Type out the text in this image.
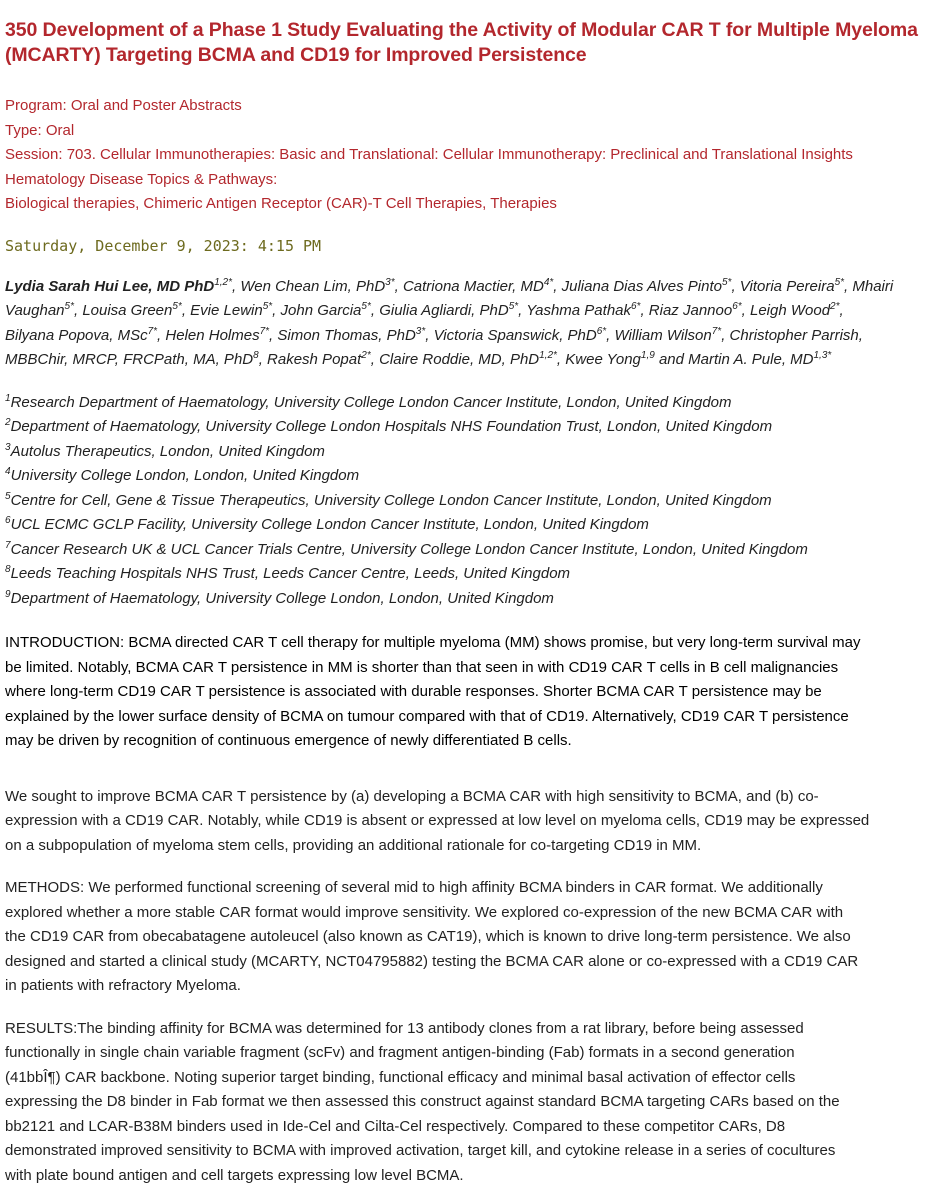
350 Development of a Phase 1 Study Evaluating the Activity of Modular CAR T for Multiple Myeloma (MCARTY) Targeting BCMA and CD19 for Improved Persistence
Program: Oral and Poster Abstracts
Type: Oral
Session: 703. Cellular Immunotherapies: Basic and Translational: Cellular Immunotherapy: Preclinical and Translational Insights
Hematology Disease Topics & Pathways:
Biological therapies, Chimeric Antigen Receptor (CAR)-T Cell Therapies, Therapies
Saturday, December 9, 2023: 4:15 PM
Lydia Sarah Hui Lee, MD PhD$^{1,2*}$, Wen Chean Lim, PhD$^{3*}$, Catriona Mactier, $MD^{4*}$, Juliana Dias Alves Pinto$^{5*}$, Vitoria Pereira$^{5*}$, Mhairi
Vaughan$^{5*}$, Louisa Green$^{5*}$, Evie Lewin$^{5*}$, John Garcia$^{5*}$, Giulia Agliardi, PhD$^{5*}$, Yashma Pathak$^{6*}$, Riaz Jannoo$^{6*}$, Leigh Wood$^{2*}$,
Bilyana Popova, MSc$^{7*}$, Helen Holmes$^{7*}$, Simon Thomas, PhD$^{3*}$, Victoria Spanswick, PhD$^{6*}$, William Wilson$^{7*}$, Christopher Parrish,
MBBChir, MRCP, FRCPath, MA, PhD$^8$, Rakesh Popat$^{2*}$, Claire Roddie, MD, PhD$^{1,2*}$, Kwee Yong$^{1,9}$ and Martin A. Pule, $MD^{1,3*}$
$^1$Research Department of Haematology, University College London Cancer Institute, London, United Kingdom
$^2$Department of Haematology, University College London Hospitals NHS Foundation Trust, London, United Kingdom
$^3$Autolus Therapeutics, London, United Kingdom
$^4$University College London, London, United Kingdom
$^5$Centre for Cell, Gene & Tissue Therapeutics, University College London Cancer Institute, London, United Kingdom
$^6$UCL ECMC GCLP Facility, University College London Cancer Institute, London, United Kingdom
$^7$Cancer Research UK & UCL Cancer Trials Centre, University College London Cancer Institute, London, United Kingdom
$^8$Leeds Teaching Hospitals NHS Trust, Leeds Cancer Centre, Leeds, United Kingdom
$^9$Department of Haematology, University College London, London, United Kingdom

INTRODUCTION: BCMA directed CAR T cell therapy for multiple myeloma (MM) shows promise, but very long-term survival may

be limited. Notably, BCMA CAR T persistence in MM is shorter than that seen in with CD19 CAR T cells in B cell malignancies

where long-term CD19 CAR T persistence is associated with durable responses. Shorter BCMA CAR T persistence may be

explained by the lower surface density of BCMA on tumour compared with that of CD19. Alternatively, CD19 CAR T persistence

may be driven by recognition of continuous emergence of newly differentiated B cells.

We sought to improve BCMA CAR T persistence by (a) developing a BCMA CAR with high sensitivity to BCMA, and (b) co-

expression with a CD19 CAR. Notably, while CD19 is absent or expressed at low level on myeloma cells, CD19 may be expressed

on a subpopulation of myeloma stem cells, providing an additional rationale for co-targeting CD19 in MM.

METHODS: We performed functional screening of several mid to high affinity BCMA binders in CAR format. We additionally

explored whether a more stable CAR format would improve sensitivity. We explored co-expression of the new BCMA CAR with

the CD19 CAR from obecabatagene autoleucel (also known as CAT19), which is known to drive long-term persistence. We also

designed and started a clinical study (MCARTY, NCT04795882) testing the BCMA CAR alone or co-expressed with a CD19 CAR

in patients with refractory Myeloma.

RESULTS:The binding affinity for BCMA was determined for 13 antibody clones from a rat library, before being assessed

functionally in single chain variable fragment (scFv) and fragment antigen-binding (Fab) formats in a second generation

(41bbÎ¶) CAR backbone. Noting superior target binding, functional efficacy and minimal basal activation of effector cells

expressing the D8 binder in Fab format we then assessed this construct against standard BCMA targeting CARs based on the

bb2121 and LCAR-B38M binders used in Ide-Cel and Cilta-Cel respectively. Compared to these competitor CARs, D8

demonstrated improved sensitivity to BCMA with improved activation, target kill, and cytokine release in a series of cocultures

with plate bound antigen and cell targets expressing low level BCMA.
